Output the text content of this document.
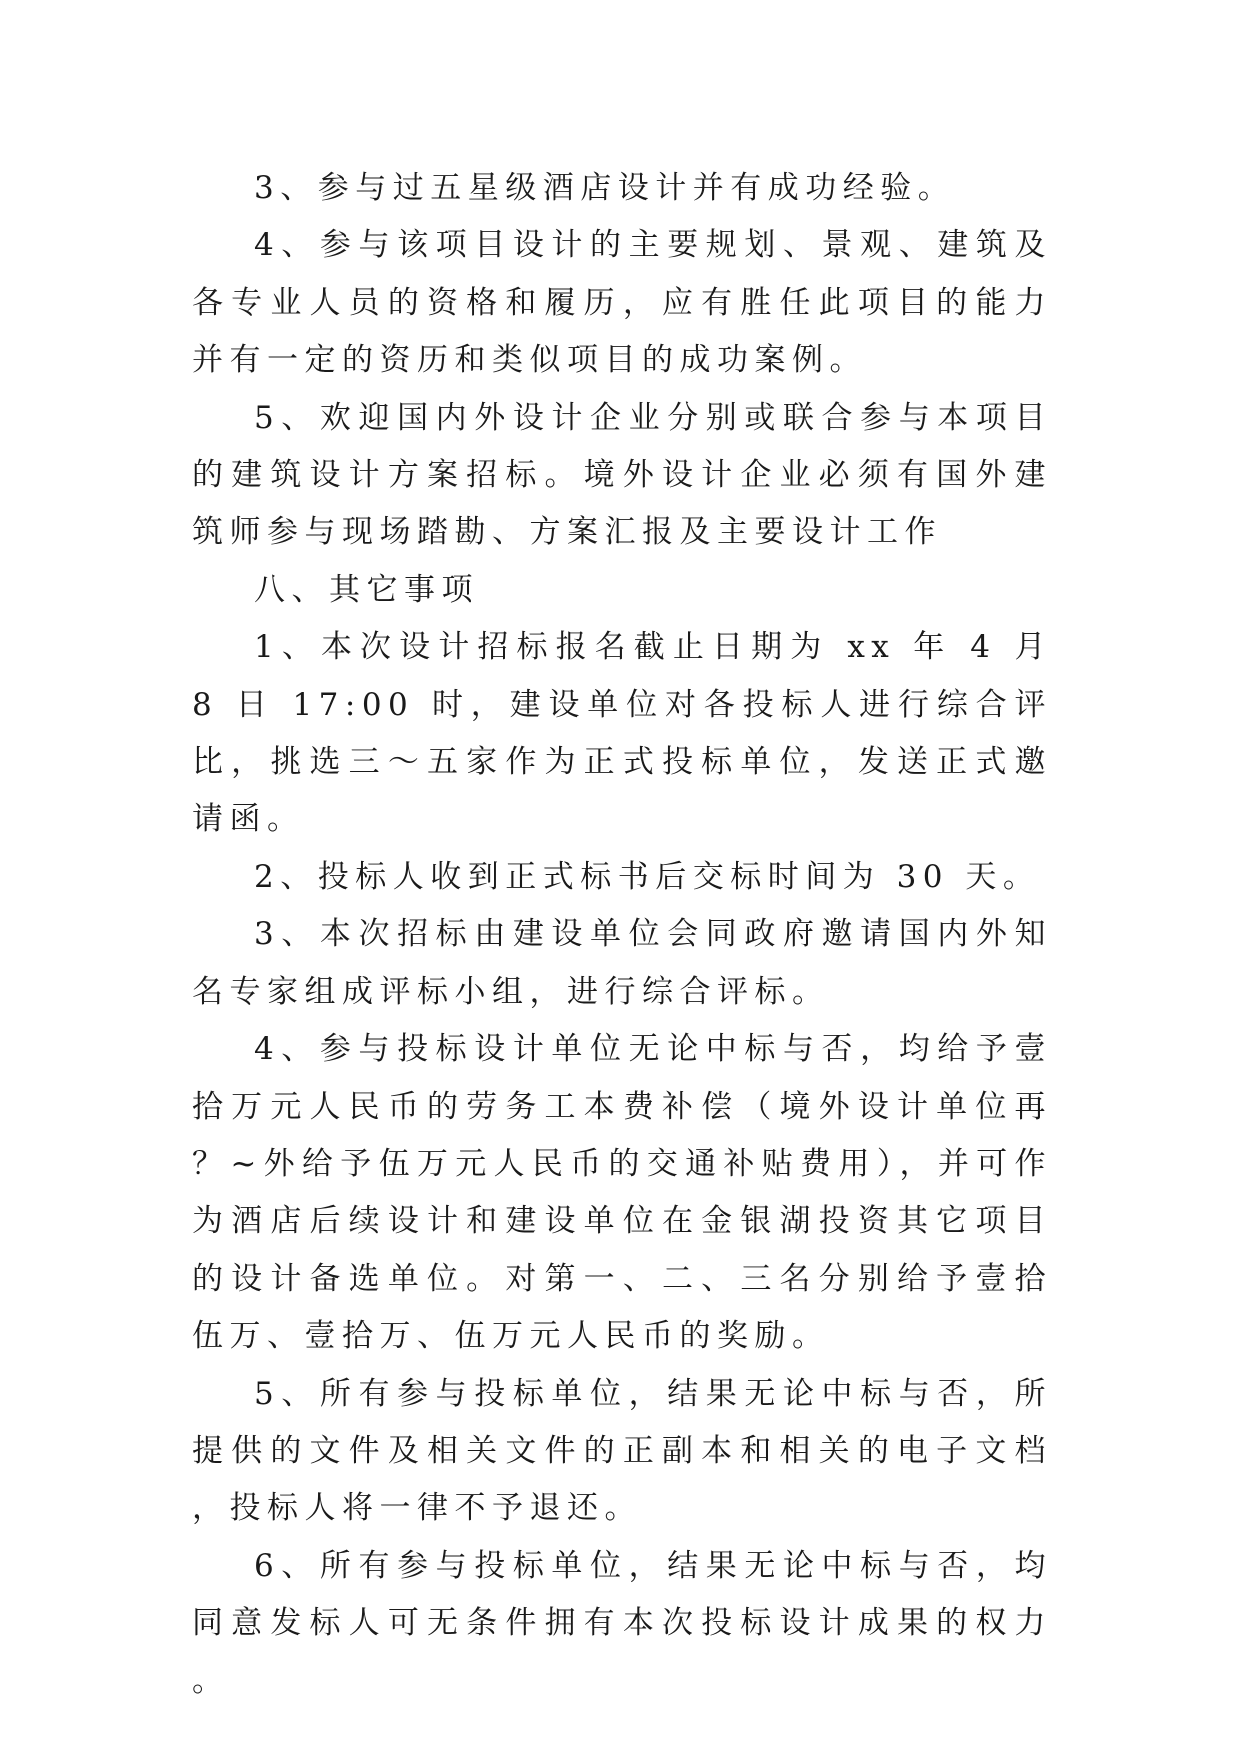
3、参与过五星级酒店设计并有成功经验。

4、参与该项目设计的主要规划、景观、建筑及各专业人员的资格和履历，应有胜任此项目的能力并有一定的资历和类似项目的成功案例。

5、欢迎国内外设计企业分别或联合参与本项目的建筑设计方案招标。境外设计企业必须有国外建筑师参与现场踏勘、方案汇报及主要设计工作

八、其它事项

1、本次设计招标报名截止日期为 xx 年 4 月 8 日 17:00 时，建设单位对各投标人进行综合评比，挑选三～五家作为正式投标单位，发送正式邀请函。

2、投标人收到正式标书后交标时间为 30 天。

3、本次招标由建设单位会同政府邀请国内外知名专家组成评标小组，进行综合评标。

4、参与投标设计单位无论中标与否，均给予壹拾万元人民币的劳务工本费补偿（境外设计单位再？~外给予伍万元人民币的交通补贴费用），并可作为酒店后续设计和建设单位在金银湖投资其它项目的设计备选单位。对第一、二、三名分别给予壹拾伍万、壹拾万、伍万元人民币的奖励。

5、所有参与投标单位，结果无论中标与否，所提供的文件及相关文件的正副本和相关的电子文档，投标人将一律不予退还。

6、所有参与投标单位，结果无论中标与否，均同意发标人可无条件拥有本次投标设计成果的权力。
